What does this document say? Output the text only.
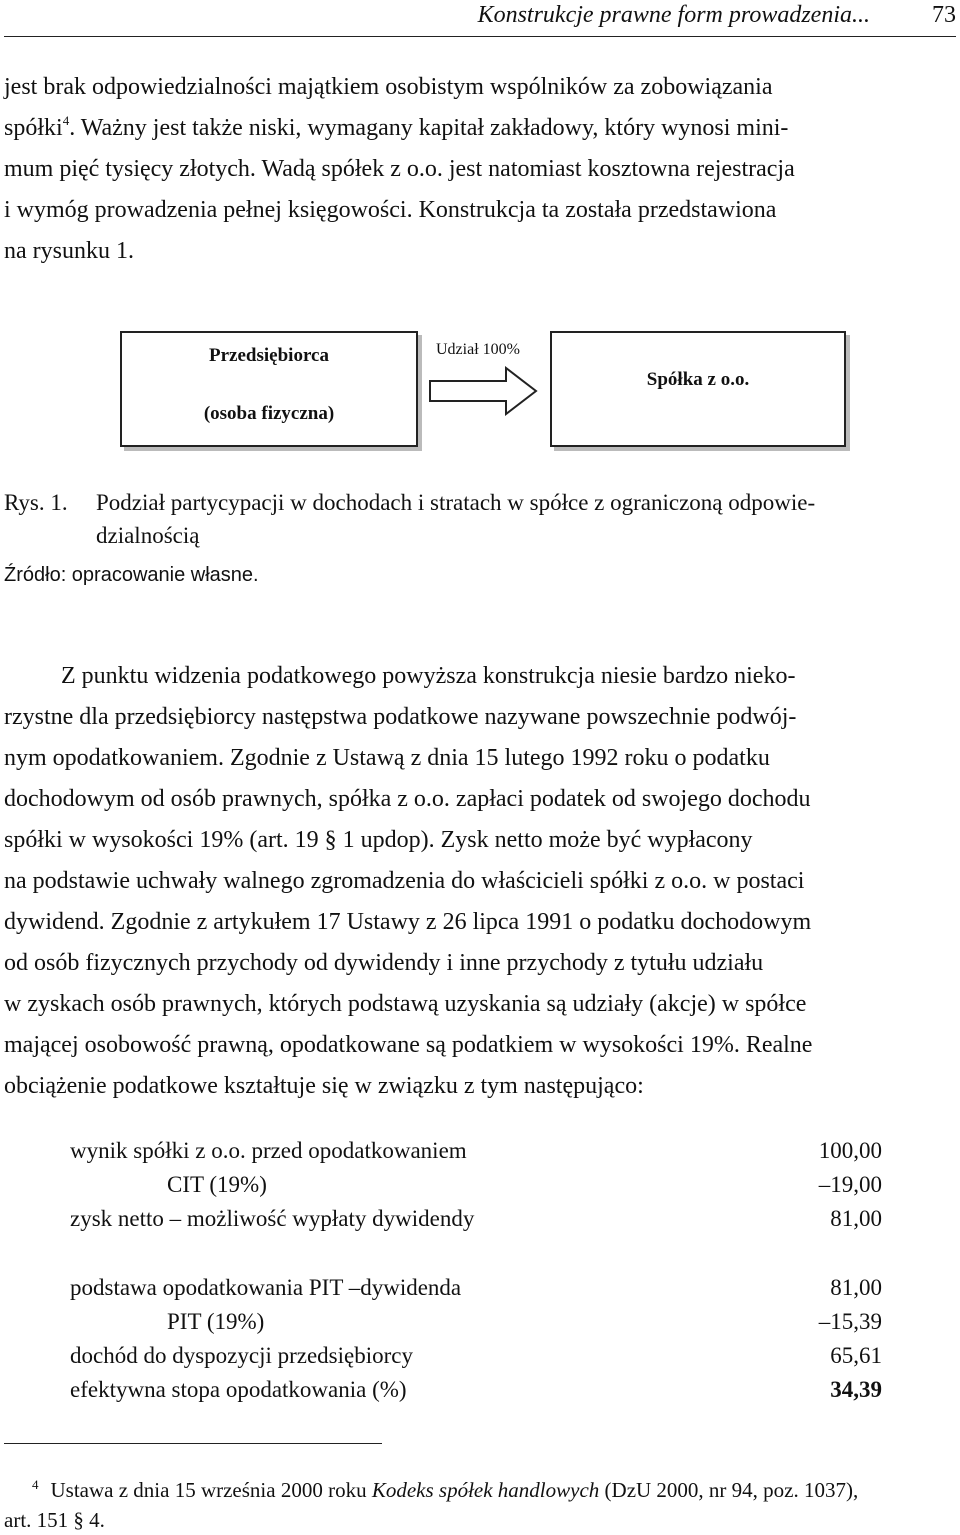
Konstrukcje prawne form prowadzenia...	73
jest brak odpowiedzialności majątkiem osobistym wspólników za zobowiązania
spółki$^4$. Ważny jest także niski, wymagany kapitał zakładowy, który wynosi mini-
mum pięć tysięcy złotych. Wadą spółek z o.o. jest natomiast kosztowna rejestracja
i wymóg prowadzenia pełnej księgowości. Konstrukcja ta została przedstawiona
na rysunku 1.
Przedsiębiorca
(osoba fizyczna)
Udział 100%
Spółka z o.o.
Rys. 1. Podział partycypacji w dochodach i stratach w spółce z ograniczoną odpowie-
dzialnością
Źródło: opracowanie własne.
Z punktu widzenia podatkowego powyższa konstrukcja niesie bardzo nieko-
rzystne dla przedsiębiorcy następstwa podatkowe nazywane powszechnie podwój-
nym opodatkowaniem. Zgodnie z Ustawą z dnia 15 lutego 1992 roku o podatku
dochodowym od osób prawnych, spółka z o.o. zapłaci podatek od swojego dochodu
spółki w wysokości 19% (art. 19 § 1 updop). Zysk netto może być wypłacony
na podstawie uchwały walnego zgromadzenia do właścicieli spółki z o.o. w postaci
dywidend. Zgodnie z artykułem 17 Ustawy z 26 lipca 1991 o podatku dochodowym
od osób fizycznych przychody od dywidendy i inne przychody z tytułu udziału
w zyskach osób prawnych, których podstawą uzyskania są udziały (akcje) w spółce
mającej osobowość prawną, opodatkowane są podatkiem w wysokości 19%. Realne
obciążenie podatkowe kształtuje się w związku z tym następująco:
wynik spółki z o.o. przed opodatkowaniem	100,00
CIT (19%)	–19,00
zysk netto – możliwość wypłaty dywidendy	81,00
podstawa opodatkowania PIT –dywidenda	81,00
PIT (19%)	–15,39
dochód do dyspozycji przedsiębiorcy	65,61
efektywna stopa opodatkowania (%)	34,39
$^4$ Ustawa z dnia 15 września 2000 roku Kodeks spółek handlowych (DzU 2000, nr 94, poz. 1037),
art. 151 § 4.
